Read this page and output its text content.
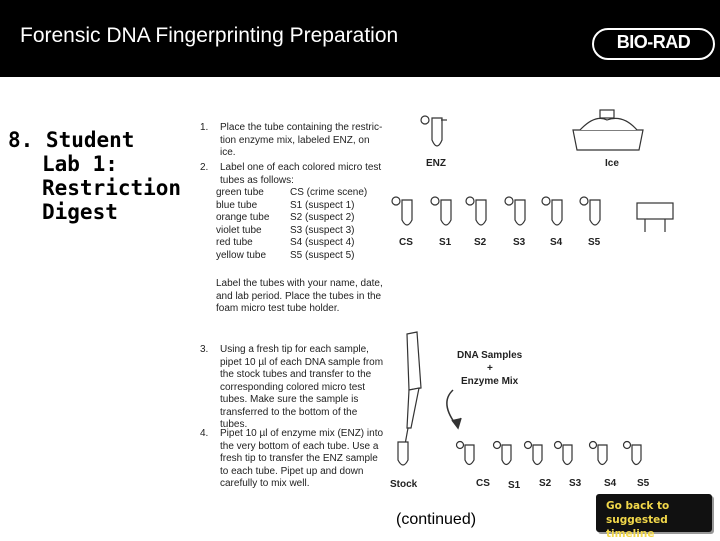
Forensic DNA Fingerprinting Preparation	BIO-RAD
8. Student
Lab 1:
Restriction
Digest
1. Place the tube containing the restric-
tion enzyme mix, labeled ENZ, on ice.
2. Label one of each colored micro test
tubes as follows:
green tube	CS (crime scene)
blue tube	S1 (suspect 1)
orange tube	S2 (suspect 2)
violet tube	S3 (suspect 3)
red tube	S4 (suspect 4)
yellow tube	S5 (suspect 5)
Label the tubes with your name, date,
and lab period. Place the tubes in the
foam micro test tube holder.
3. Using a fresh tip for each sample,
pipet 10 µl of each DNA sample from
the stock tubes and transfer to the
corresponding colored micro test
tubes. Make sure the sample is
transferred to the bottom of the tubes.
4. Pipet 10 µl of enzyme mix (ENZ) into
the very bottom of each tube. Use a
fresh tip to transfer the ENZ sample
to each tube. Pipet up and down
carefully to mix well.
ENZ	Ice
CS	S1 S2	S3 S4	S5
DNA Samples
+
Enzyme Mix
Stock	CS S1 S2 S3 S4 S5
(continued)
Go back to
suggested timeline
